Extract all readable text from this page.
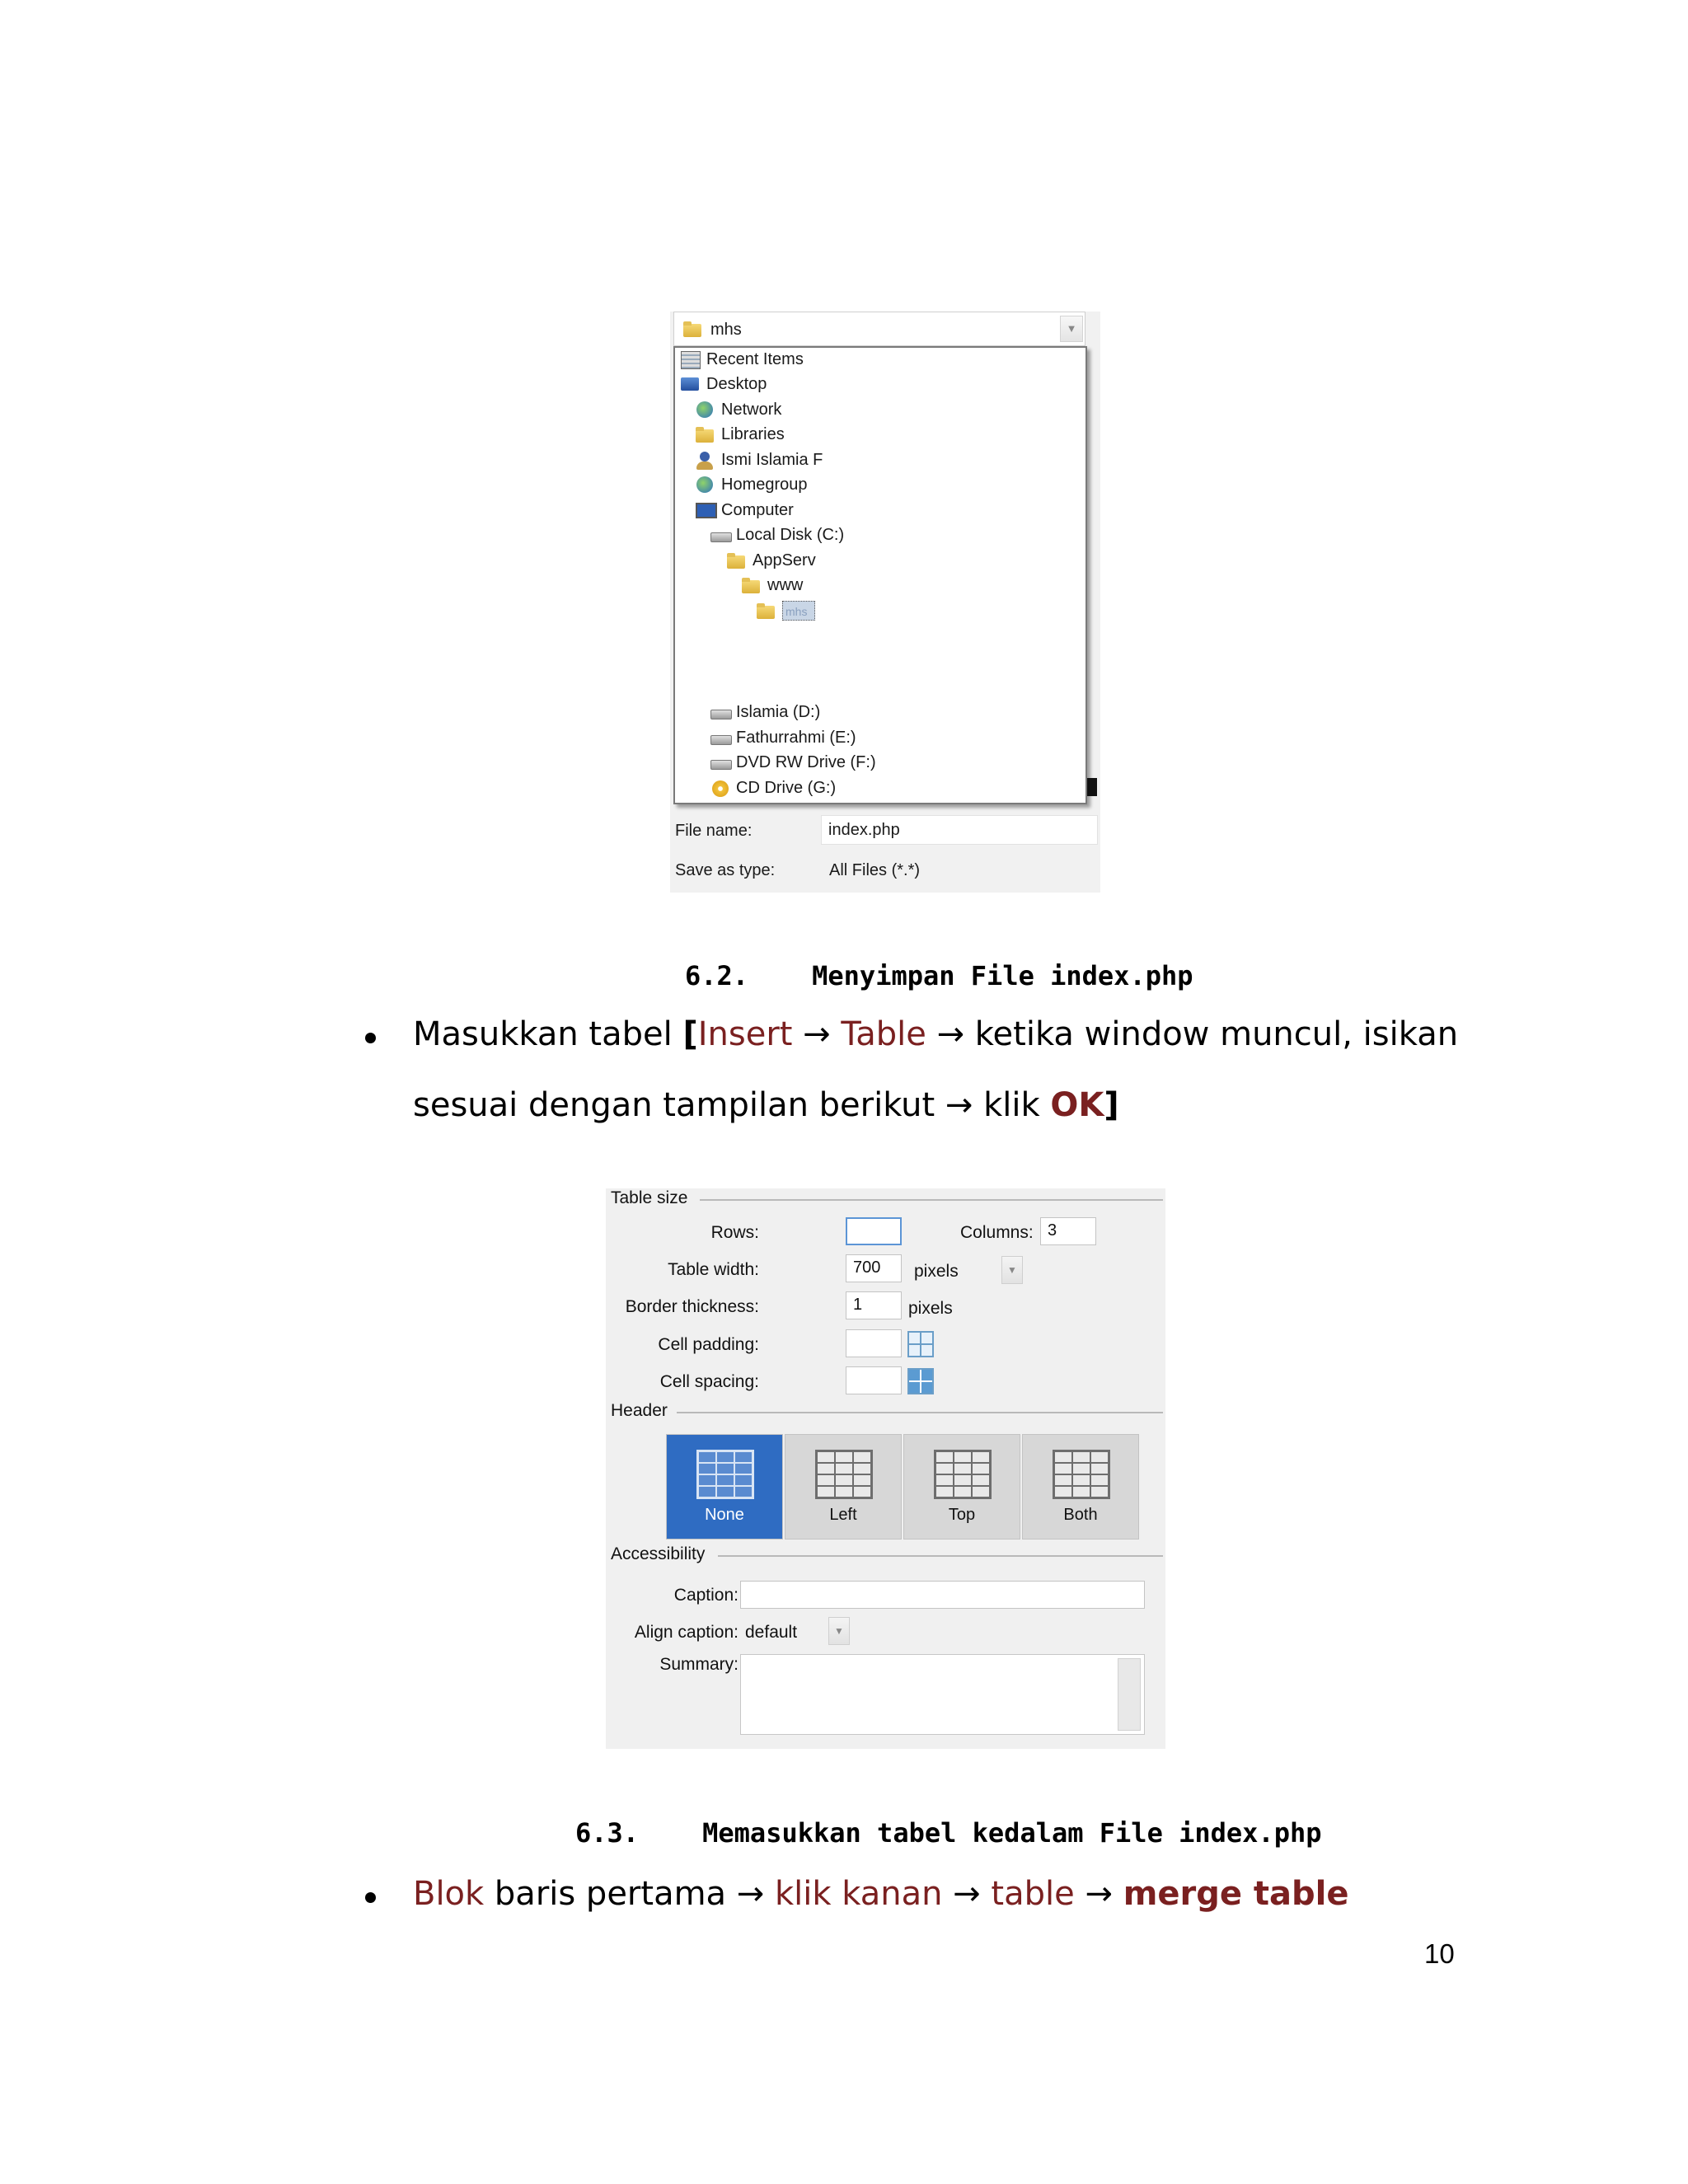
mhs	▼
Recent Items
Desktop
Network
Libraries
Ismi Islamia F
Homegroup
Computer
Local Disk (C:)
AppServ
www
mhs
Islamia (D:)
Fathurrahmi (E:)
DVD RW Drive (F:)
CD Drive (G:)
File name:	index.php
Save as type:	All Files (*.*)
6.2. Menyimpan File index.php
Masukkan tabel [Insert → Table → ketika window muncul, isikan
sesuai dengan tampilan berikut → klik OK]
Table size
Rows:	Columns: 3
Table width:	700	pixels	▼
Border thickness:	1	pixels
Cell padding:
Cell spacing:
Header
None	Left	Top	Both
Accessibility
Caption:
Align caption: default	▼
Summary:
6.3. Memasukkan tabel kedalam File index.php
Blok baris pertama → klik kanan → table → merge table
10
